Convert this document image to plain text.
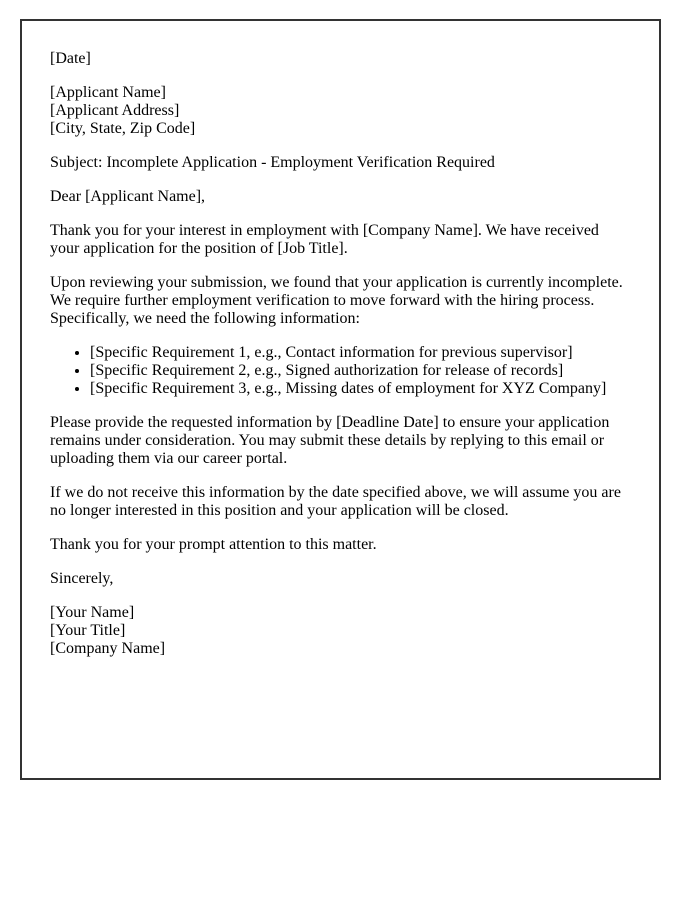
[Date]

[Applicant Name]
[Applicant Address]
[City, State, Zip Code]

Subject: Incomplete Application - Employment Verification Required

Dear [Applicant Name],

Thank you for your interest in employment with [Company Name]. We have received your application for the position of [Job Title].

Upon reviewing your submission, we found that your application is currently incomplete. We require further employment verification to move forward with the hiring process. Specifically, we need the following information:

• [Specific Requirement 1, e.g., Contact information for previous supervisor]
• [Specific Requirement 2, e.g., Signed authorization for release of records]
• [Specific Requirement 3, e.g., Missing dates of employment for XYZ Company]

Please provide the requested information by [Deadline Date] to ensure your application remains under consideration. You may submit these details by replying to this email or uploading them via our career portal.

If we do not receive this information by the date specified above, we will assume you are no longer interested in this position and your application will be closed.

Thank you for your prompt attention to this matter.

Sincerely,

[Your Name]
[Your Title]
[Company Name]
